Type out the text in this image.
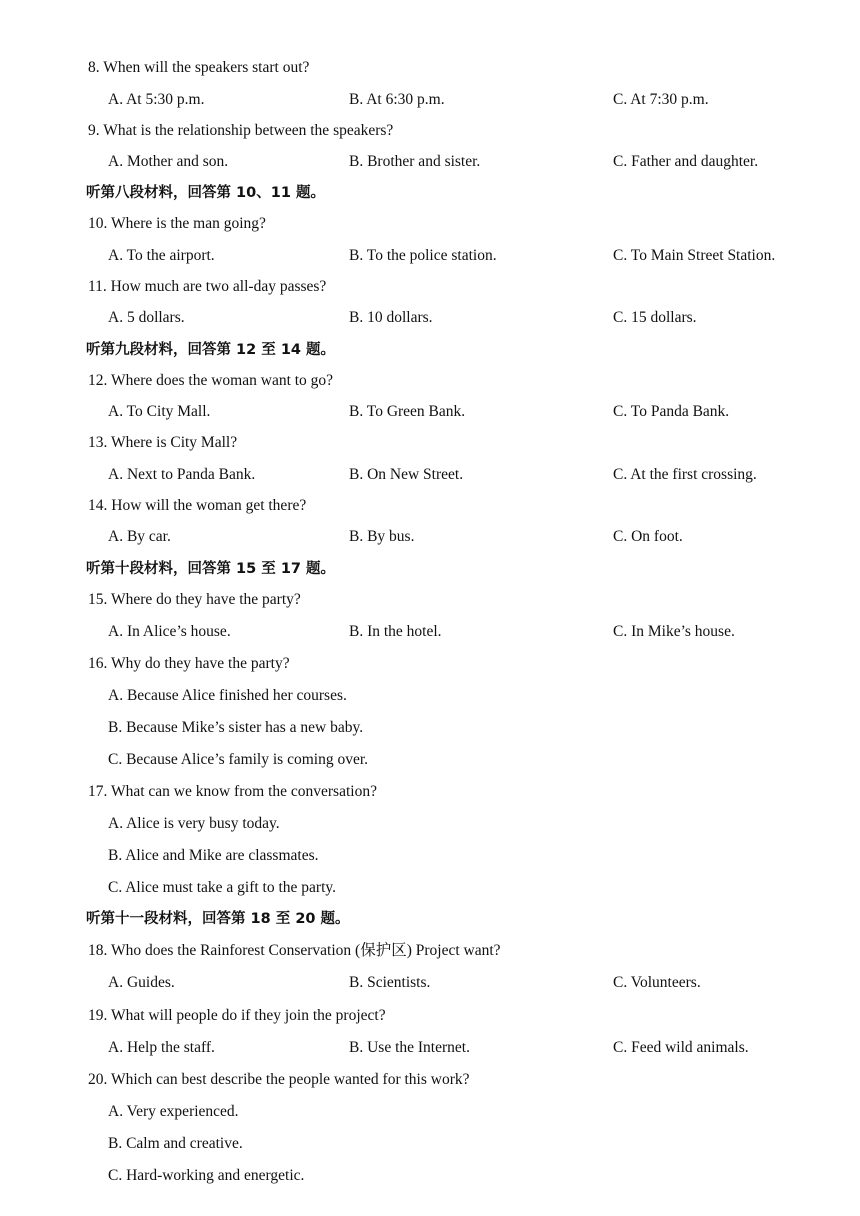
8. When will the speakers start out?
A. At 5:30 p.m.	B. At 6:30 p.m.	C. At 7:30 p.m.
9. What is the relationship between the speakers?
A. Mother and son.	B. Brother and sister.	C. Father and daughter.
听第八段材料，回答第 10、11 题。
10. Where is the man going?
A. To the airport.	B. To the police station.	C. To Main Street Station.
11. How much are two all-day passes?
A. 5 dollars.	B. 10 dollars.	C. 15 dollars.
听第九段材料，回答第 12 至 14 题。
12. Where does the woman want to go?
A. To City Mall.	B. To Green Bank.	C. To Panda Bank.
13. Where is City Mall?
A. Next to Panda Bank.	B. On New Street.	C. At the first crossing.
14. How will the woman get there?
A. By car.	B. By bus.	C. On foot.
听第十段材料，回答第 15 至 17 题。
15. Where do they have the party?
A. In Alice’s house.	B. In the hotel.	C. In Mike’s house.
16. Why do they have the party?
A. Because Alice finished her courses.
B. Because Mike’s sister has a new baby.
C. Because Alice’s family is coming over.
17. What can we know from the conversation?
A. Alice is very busy today.
B. Alice and Mike are classmates.
C. Alice must take a gift to the party.
听第十一段材料，回答第 18 至 20 题。
18. Who does the Rainforest Conservation (保护区) Project want?
A. Guides.	B. Scientists.	C. Volunteers.
19. What will people do if they join the project?
A. Help the staff.	B. Use the Internet.	C. Feed wild animals.
20. Which can best describe the people wanted for this work?
A. Very experienced.
B. Calm and creative.
C. Hard-working and energetic.
